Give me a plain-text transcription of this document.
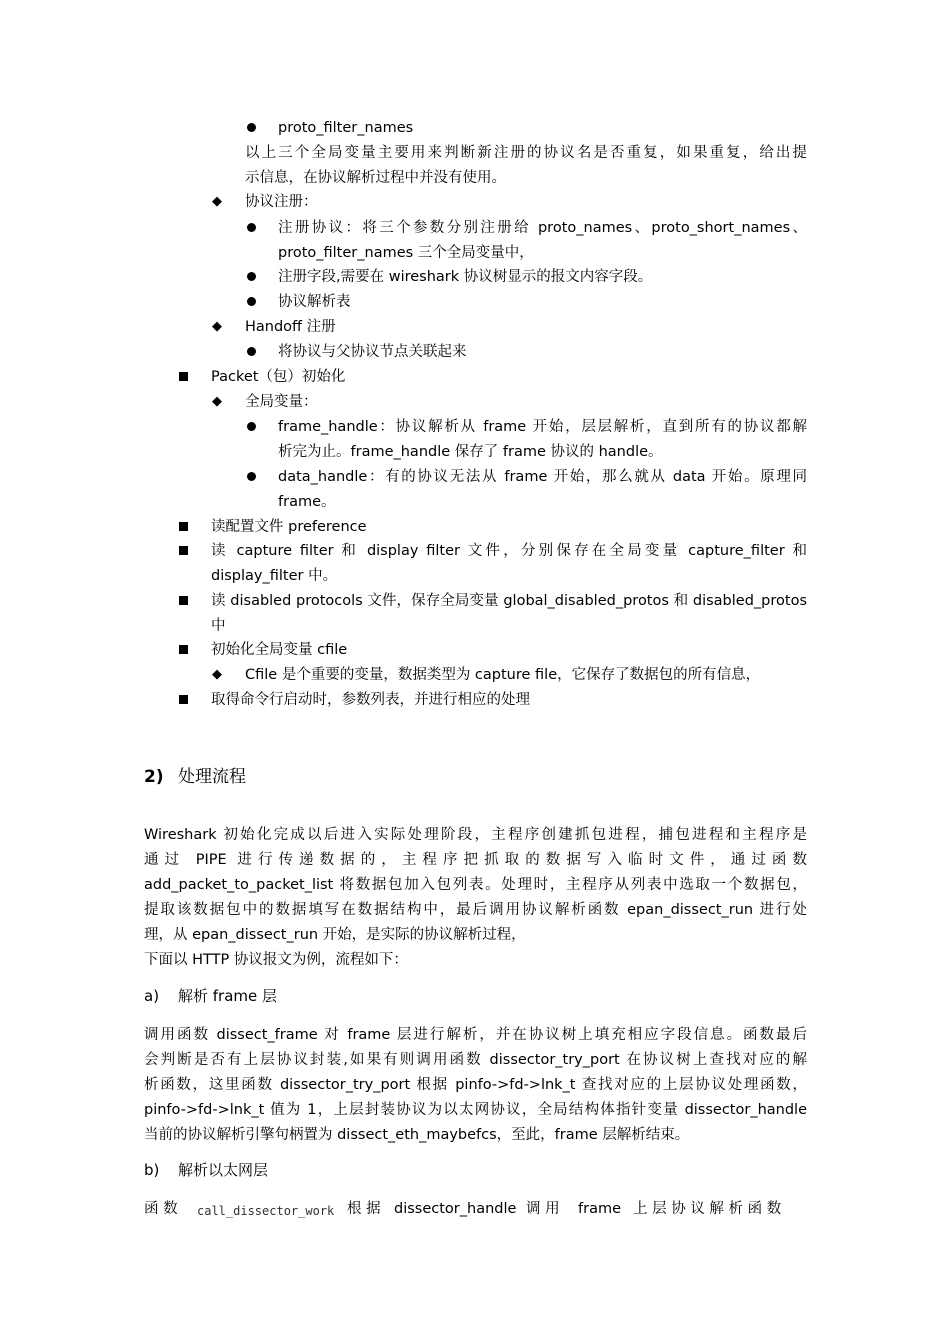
proto_filter_names
以上三个全局变量主要用来判断新注册的协议名是否重复，如果重复，给出提
示信息，在协议解析过程中并没有使用。
◆ 协议注册：
注册协议：将三个参数分别注册给 proto_names、proto_short_names、
proto_filter_names 三个全局变量中，
注册字段,需要在 wireshark 协议树显示的报文内容字段。
协议解析表
◆ Handoff 注册
将协议与父协议节点关联起来
Packet（包）初始化
◆ 全局变量：
frame_handle：协议解析从 frame 开始，层层解析，直到所有的协议都解
析完为止。frame_handle 保存了 frame 协议的 handle。
data_handle：有的协议无法从 frame 开始，那么就从 data 开始。原理同
frame。
读配置文件 preference
读 capture filter 和 display filter 文件，分别保存在全局变量 capture_filter 和
display_filter 中。
读 disabled protocols 文件，保存全局变量 global_disabled_protos 和 disabled_protos
中
初始化全局变量 cfile
◆ Cfile 是个重要的变量，数据类型为 capture file，它保存了数据包的所有信息，
取得命令行启动时，参数列表，并进行相应的处理
2) 处理流程
Wireshark 初始化完成以后进入实际处理阶段，主程序创建抓包进程，捕包进程和主程序是
通过 PIPE 进行传递数据的，主程序把抓取的数据写入临时文件，通过函数
add_packet_to_packet_list 将数据包加入包列表。处理时，主程序从列表中选取一个数据包，
提取该数据包中的数据填写在数据结构中，最后调用协议解析函数 epan_dissect_run 进行处
理，从 epan_dissect_run 开始，是实际的协议解析过程，
下面以 HTTP 协议报文为例，流程如下：
a) 解析 frame 层
调用函数 dissect_frame 对 frame 层进行解析，并在协议树上填充相应字段信息。函数最后
会判断是否有上层协议封装,如果有则调用函数 dissector_try_port 在协议树上查找对应的解
析函数，这里函数 dissector_try_port 根据 pinfo->fd->lnk_t 查找对应的上层协议处理函数，
pinfo->fd->lnk_t 值为 1，上层封装协议为以太网协议，全局结构体指针变量 dissector_handle
当前的协议解析引擎句柄置为 dissect_eth_maybefcs，至此，frame 层解析结束。
b) 解析以太网层
函 数 call_dissector_work 根 据 dissector_handle 调 用 frame 上 层 协 议 解 析 函 数
